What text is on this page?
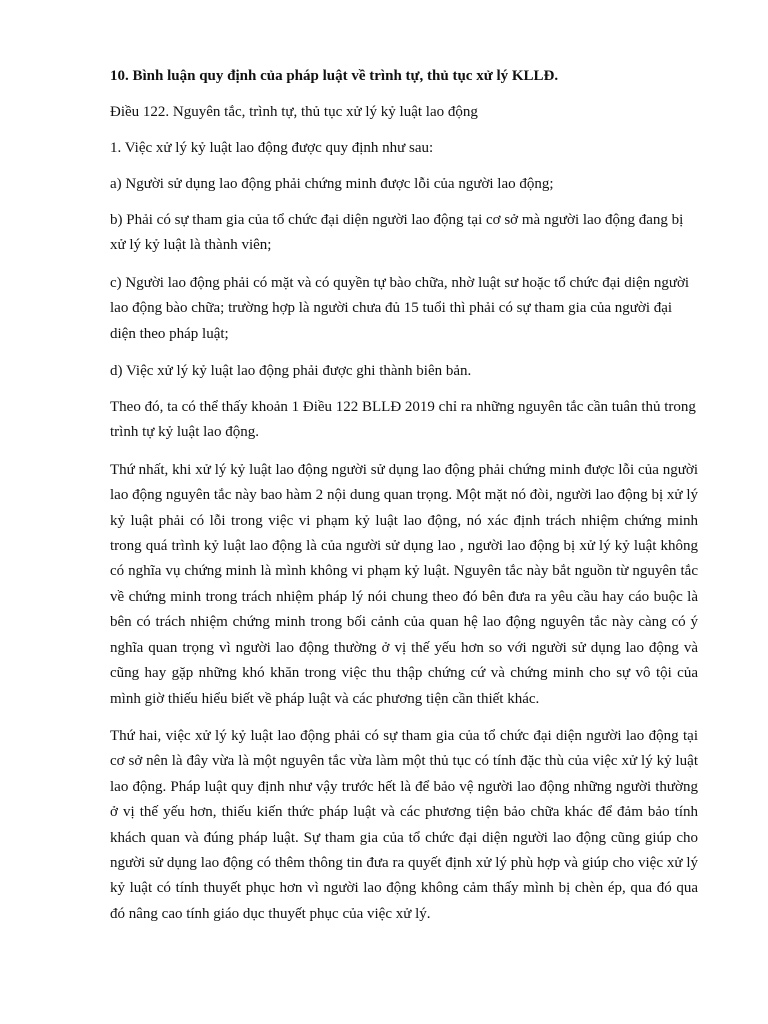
10. Bình luận quy định của pháp luật về trình tự, thủ tục xử lý KLLĐ.

Điều 122. Nguyên tắc, trình tự, thủ tục xử lý kỷ luật lao động

1. Việc xử lý kỷ luật lao động được quy định như sau:

a) Người sử dụng lao động phải chứng minh được lỗi của người lao động;

b) Phải có sự tham gia của tổ chức đại diện người lao động tại cơ sở mà người lao động đang bị xử lý kỷ luật là thành viên;

c) Người lao động phải có mặt và có quyền tự bào chữa, nhờ luật sư hoặc tổ chức đại diện người lao động bào chữa; trường hợp là người chưa đủ 15 tuổi thì phải có sự tham gia của người đại diện theo pháp luật;

d) Việc xử lý kỷ luật lao động phải được ghi thành biên bản.

Theo đó, ta có thể thấy khoản 1 Điều 122 BLLĐ 2019 chỉ ra những nguyên tắc cần tuân thủ trong trình tự kỷ luật lao động.

Thứ nhất, khi xử lý kỷ luật lao động người sử dụng lao động phải chứng minh được lỗi của người lao động nguyên tắc này bao hàm 2 nội dung quan trọng. Một mặt nó đòi, người lao động bị xử lý kỷ luật phải có lỗi trong việc vi phạm kỷ luật lao động, nó xác định trách nhiệm chứng minh trong quá trình kỷ luật lao động là của người sử dụng lao , người lao động bị xử lý kỷ luật không có nghĩa vụ chứng minh là mình không vi phạm kỷ luật. Nguyên tắc này bắt nguồn từ nguyên tắc về chứng minh trong trách nhiệm pháp lý nói chung theo đó bên đưa ra yêu cầu hay cáo buộc là bên có trách nhiệm chứng minh trong bối cảnh của quan hệ lao động nguyên tắc này càng có ý nghĩa quan trọng vì người lao động thường ở vị thế yếu hơn so với người sử dụng lao động và cũng hay gặp những khó khăn trong việc thu thập chứng cứ và chứng minh cho sự vô tội của mình giờ thiếu hiểu biết về pháp luật và các phương tiện cần thiết khác.

Thứ hai, việc xử lý kỷ luật lao động phải có sự tham gia của tổ chức đại diện người lao động tại cơ sở nên là đây vừa là một nguyên tắc vừa làm một thủ tục có tính đặc thù của việc xử lý kỷ luật lao động. Pháp luật quy định như vậy trước hết là để bảo vệ người lao động những người thường ở vị thế yếu hơn, thiếu kiến thức pháp luật và các phương tiện bảo chữa khác để đảm bảo tính khách quan và đúng pháp luật. Sự tham gia của tổ chức đại diện người lao động cũng giúp cho người sử dụng lao động có thêm thông tin đưa ra quyết định xử lý phù hợp và giúp cho việc xử lý kỷ luật có tính thuyết phục hơn vì người lao động không cảm thấy mình bị chèn ép, qua đó qua đó nâng cao tính giáo dục thuyết phục của việc xử lý.
